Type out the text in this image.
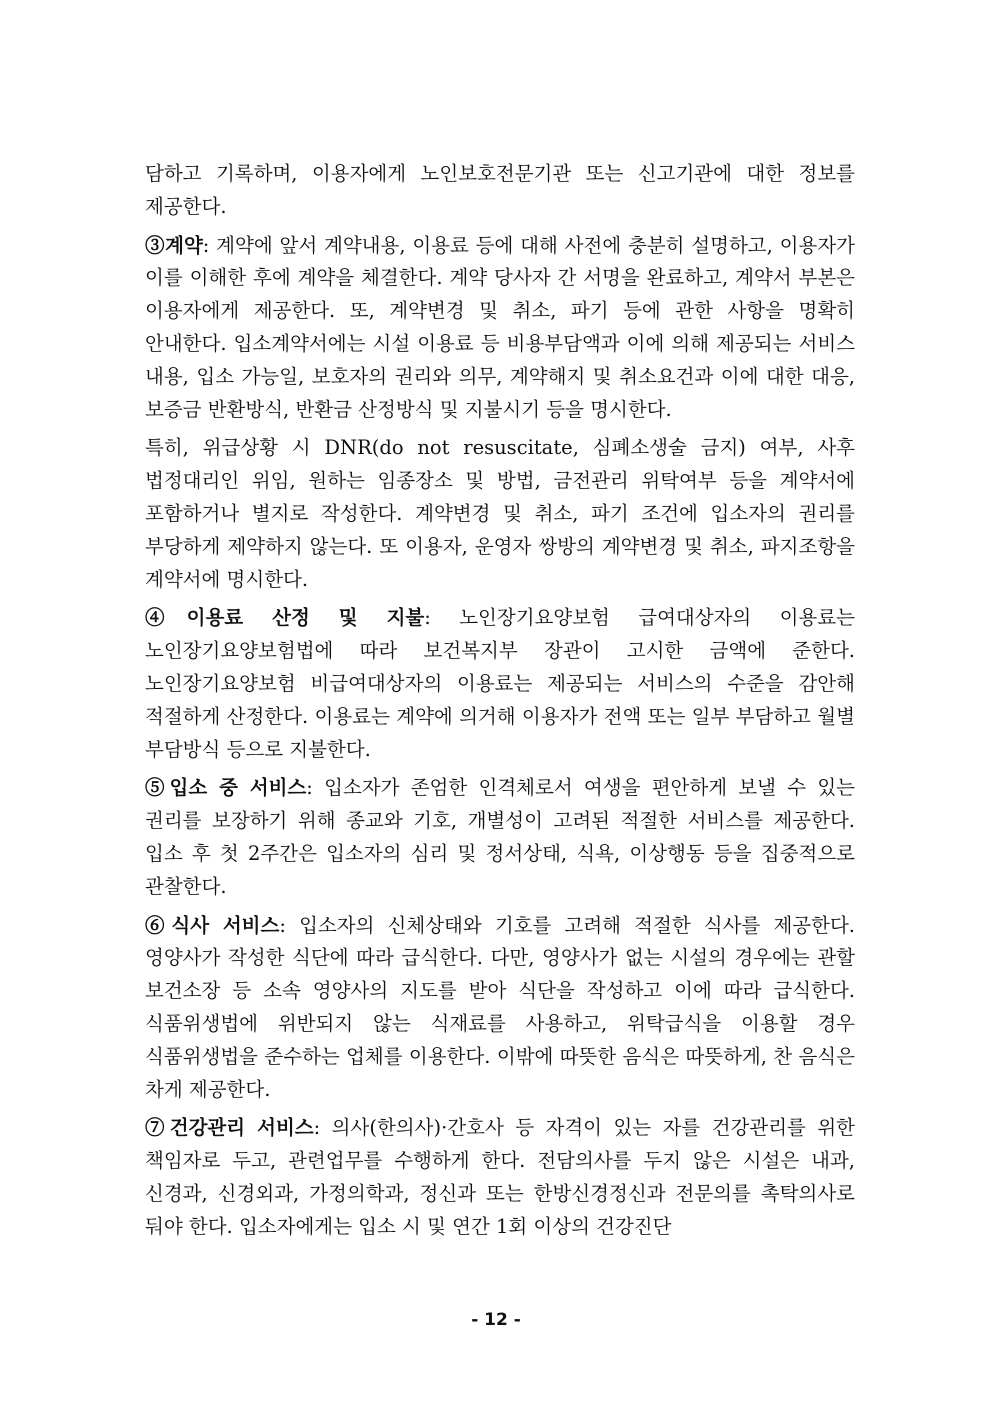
담하고 기록하며, 이용자에게 노인보호전문기관 또는 신고기관에 대한 정보를 제공한다.

③계약: 계약에 앞서 계약내용, 이용료 등에 대해 사전에 충분히 설명하고, 이용자가 이를 이해한 후에 계약을 체결한다. 계약 당사자 간 서명을 완료하고, 계약서 부본은 이용자에게 제공한다. 또, 계약변경 및 취소, 파기 등에 관한 사항을 명확히 안내한다. 입소계약서에는 시설 이용료 등 비용부담액과 이에 의해 제공되는 서비스 내용, 입소 가능일, 보호자의 권리와 의무, 계약해지 및 취소요건과 이에 대한 대응, 보증금 반환방식, 반환금 산정방식 및 지불시기 등을 명시한다.

특히, 위급상황 시 DNR(do not resuscitate, 심폐소생술 금지) 여부, 사후 법정대리인 위임, 원하는 임종장소 및 방법, 금전관리 위탁여부 등을 계약서에 포함하거나 별지로 작성한다. 계약변경 및 취소, 파기 조건에 입소자의 권리를 부당하게 제약하지 않는다. 또 이용자, 운영자 쌍방의 계약변경 및 취소, 파지조항을 계약서에 명시한다.

④이용료 산정 및 지불: 노인장기요양보험 급여대상자의 이용료는 노인장기요양보험법에 따라 보건복지부 장관이 고시한 금액에 준한다. 노인장기요양보험 비급여대상자의 이용료는 제공되는 서비스의 수준을 감안해 적절하게 산정한다. 이용료는 계약에 의거해 이용자가 전액 또는 일부 부담하고 월별 부담방식 등으로 지불한다.

⑤입소 중 서비스: 입소자가 존엄한 인격체로서 여생을 편안하게 보낼 수 있는 권리를 보장하기 위해 종교와 기호, 개별성이 고려된 적절한 서비스를 제공한다. 입소 후 첫 2주간은 입소자의 심리 및 정서상태, 식욕, 이상행동 등을 집중적으로 관찰한다.

⑥식사 서비스: 입소자의 신체상태와 기호를 고려해 적절한 식사를 제공한다. 영양사가 작성한 식단에 따라 급식한다. 다만, 영양사가 없는 시설의 경우에는 관할 보건소장 등 소속 영양사의 지도를 받아 식단을 작성하고 이에 따라 급식한다. 식품위생법에 위반되지 않는 식재료를 사용하고, 위탁급식을 이용할 경우 식품위생법을 준수하는 업체를 이용한다. 이밖에 따뜻한 음식은 따뜻하게, 찬 음식은 차게 제공한다.

⑦건강관리 서비스: 의사(한의사)·간호사 등 자격이 있는 자를 건강관리를 위한 책임자로 두고, 관련업무를 수행하게 한다. 전담의사를 두지 않은 시설은 내과, 신경과, 신경외과, 가정의학과, 정신과 또는 한방신경정신과 전문의를 촉탁의사로 둬야 한다. 입소자에게는 입소 시 및 연간 1회 이상의 건강진단

- 12 -
